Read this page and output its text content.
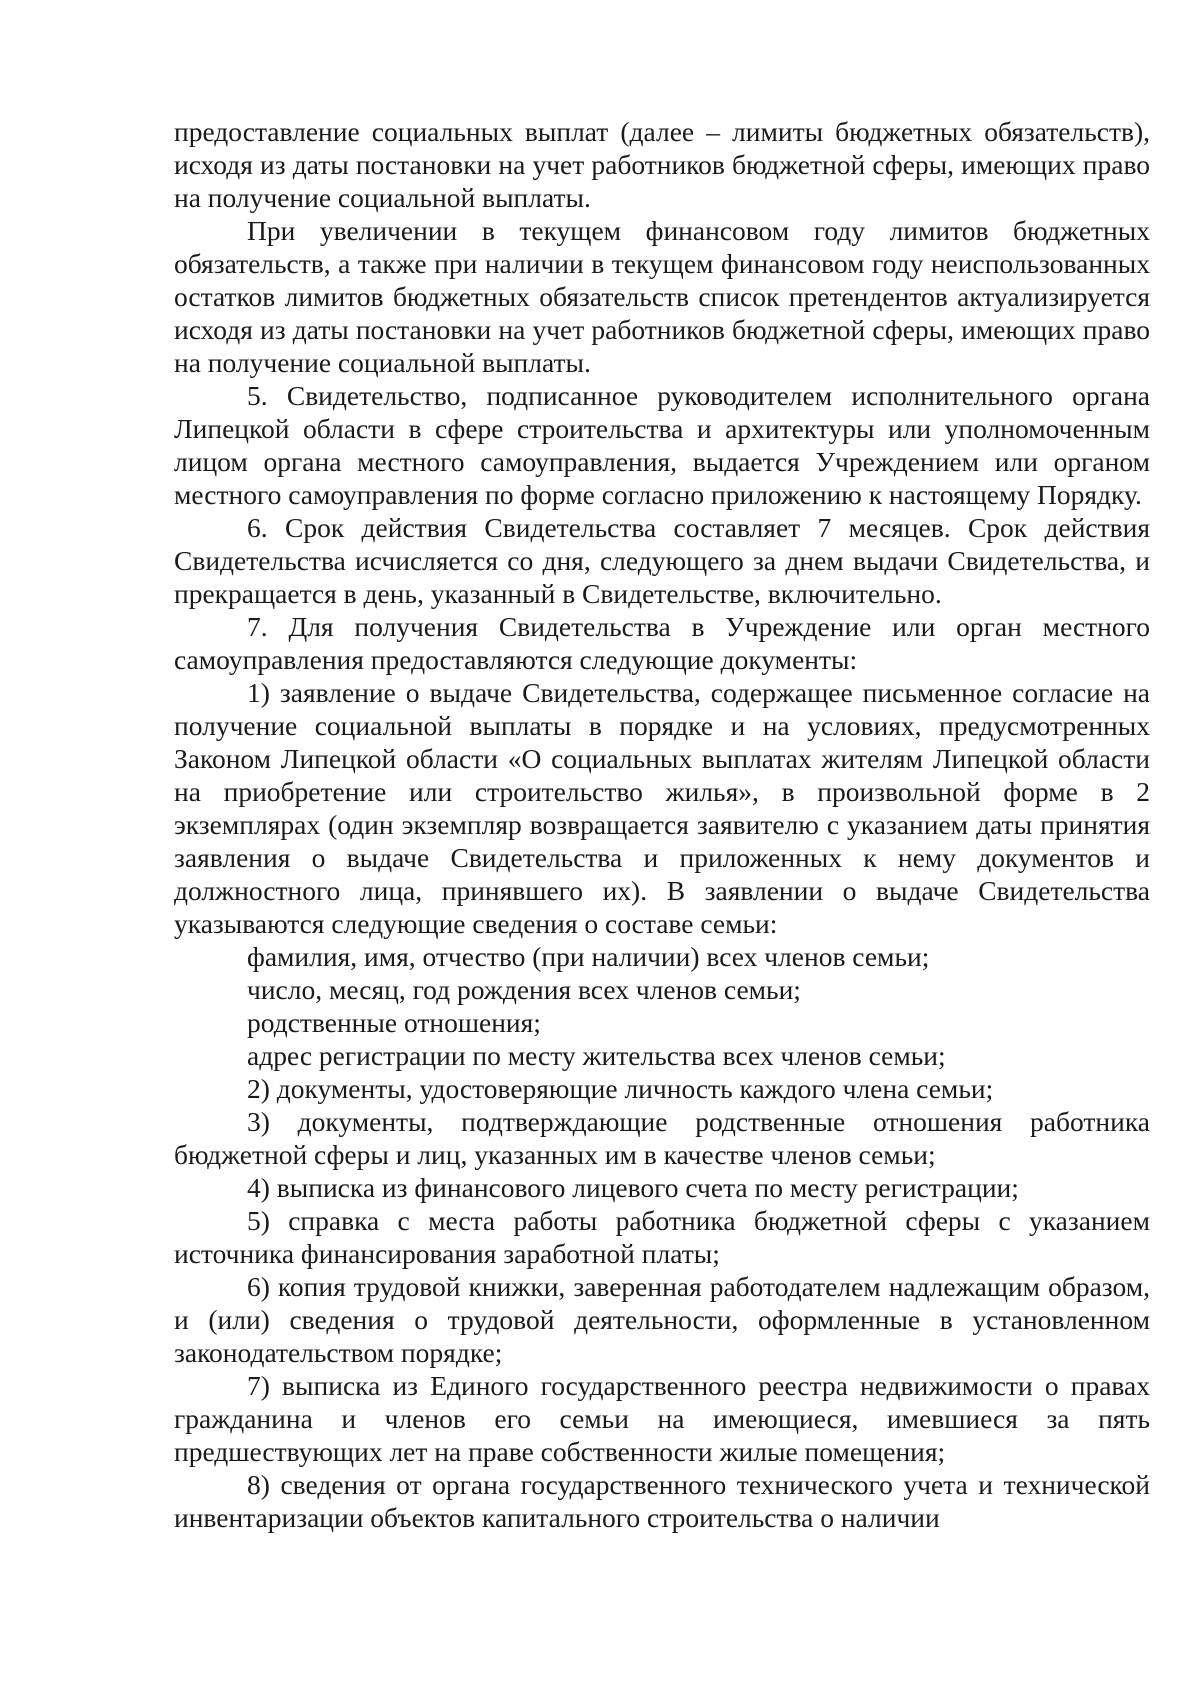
предоставление социальных выплат (далее – лимиты бюджетных обязательств), исходя из даты постановки на учет работников бюджетной сферы, имеющих право на получение социальной выплаты.

При увеличении в текущем финансовом году лимитов бюджетных обязательств, а также при наличии в текущем финансовом году неиспользованных остатков лимитов бюджетных обязательств список претендентов актуализируется исходя из даты постановки на учет работников бюджетной сферы, имеющих право на получение социальной выплаты.

5. Свидетельство, подписанное руководителем исполнительного органа Липецкой области в сфере строительства и архитектуры или уполномоченным лицом органа местного самоуправления, выдается Учреждением или органом местного самоуправления по форме согласно приложению к настоящему Порядку.

6. Срок действия Свидетельства составляет 7 месяцев. Срок действия Свидетельства исчисляется со дня, следующего за днем выдачи Свидетельства, и прекращается в день, указанный в Свидетельстве, включительно.

7. Для получения Свидетельства в Учреждение или орган местного самоуправления предоставляются следующие документы:

1) заявление о выдаче Свидетельства, содержащее письменное согласие на получение социальной выплаты в порядке и на условиях, предусмотренных Законом Липецкой области «О социальных выплатах жителям Липецкой области на приобретение или строительство жилья», в произвольной форме в 2 экземплярах (один экземпляр возвращается заявителю с указанием даты принятия заявления о выдаче Свидетельства и приложенных к нему документов и должностного лица, принявшего их). В заявлении о выдаче Свидетельства указываются следующие сведения о составе семьи:

фамилия, имя, отчество (при наличии) всех членов семьи;

число, месяц, год рождения всех членов семьи;

родственные отношения;

адрес регистрации по месту жительства всех членов семьи;

2) документы, удостоверяющие личность каждого члена семьи;

3) документы, подтверждающие родственные отношения работника бюджетной сферы и лиц, указанных им в качестве членов семьи;

4) выписка из финансового лицевого счета по месту регистрации;

5) справка с места работы работника бюджетной сферы с указанием источника финансирования заработной платы;

6) копия трудовой книжки, заверенная работодателем надлежащим образом, и (или) сведения о трудовой деятельности, оформленные в установленном законодательством порядке;

7) выписка из Единого государственного реестра недвижимости о правах гражданина и членов его семьи на имеющиеся, имевшиеся за пять предшествующих лет на праве собственности жилые помещения;

8) сведения от органа государственного технического учета и технической инвентаризации объектов капитального строительства о наличии
